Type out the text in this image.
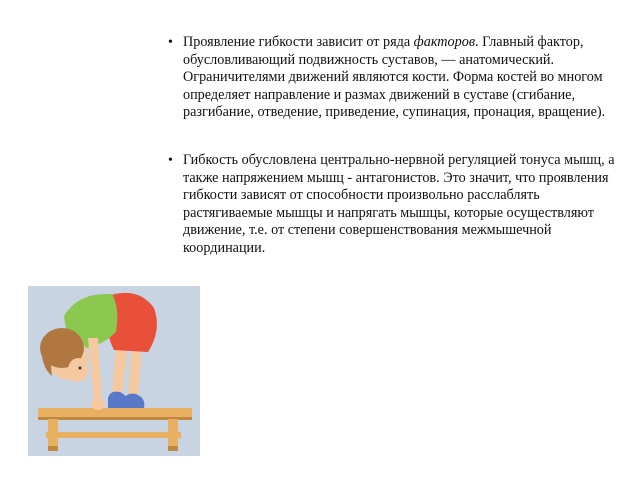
• Проявление гибкости зависит от ряда факторов. Главный фактор, обусловливающий подвижность суставов, — анатомический. Ограничителями движений являются кости. Форма костей во многом определяет направление и размах движений в суставе (сгибание, разгибание, отведение, приведение, супинация, пронация, вращение).
• Гибкость обусловлена центрально-нервной регуляцией тонуса мышц, а также напряжением мышц - антагонистов. Это значит, что проявления гибкости зависят от способности произвольно расслаблять растягиваемые мышцы и напрягать мышцы, которые осуществляют движение, т.е. от степени совершенствования межмышечной координации.
